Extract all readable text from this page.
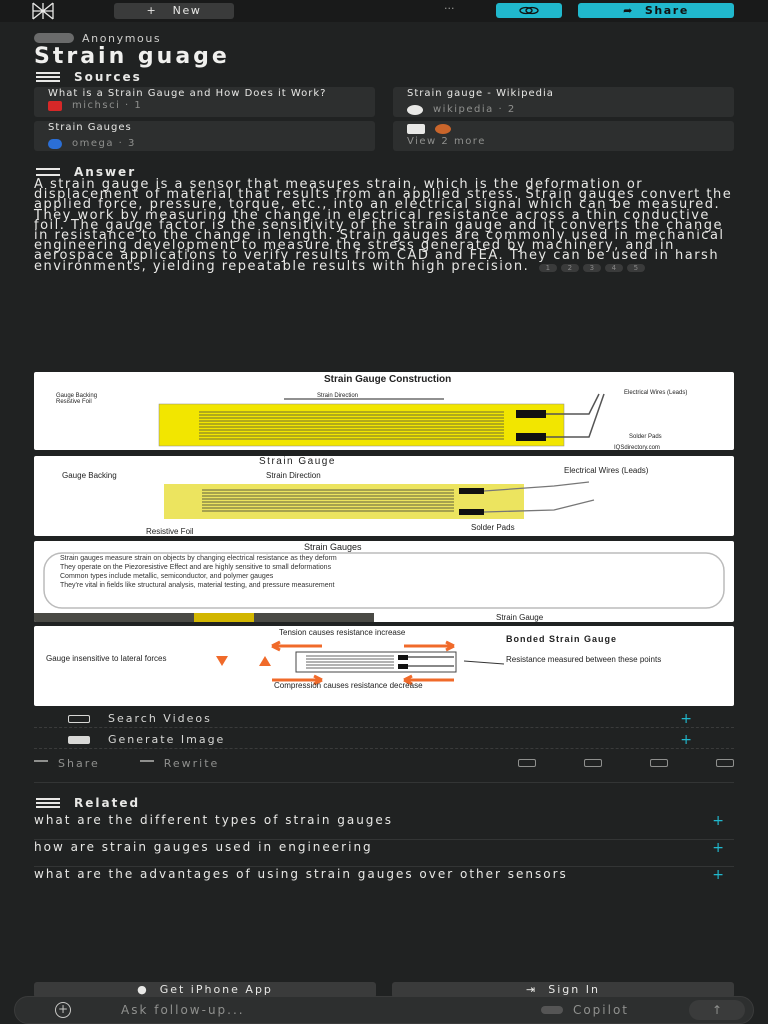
+ New	···	➦ Share
Anonymous
Strain guage
Sources
What is a Strain Gauge and How Does it Work?
michsci · 1
Strain gauge - Wikipedia
wikipedia · 2
Strain Gauges
omega · 3	View 2 more
Answer
A strain gauge is a sensor that measures strain, which is the deformation or displacement of material that results from an applied stress. Strain gauges convert the applied force, pressure, torque, etc., into an electrical signal which can be measured. They work by measuring the change in electrical resistance across a thin conductive foil. The gauge factor is the sensitivity of the strain gauge and it converts the change in resistance to the change in length. Strain gauges are commonly used in mechanical engineering development to measure the stress generated by machinery, and in aerospace applications to verify results from CAD and FEA. They can be used in harsh environments, yielding repeatable results with high precision. 1	2	3	4	5
Strain Gauge Construction
Strain Direction
Gauge Backing
Resistive Foil
Electrical Wires (Leads)
Solder Pads
IQSdirectory.com
Strain Gauge
Gauge Backing	Strain Direction
Electrical Wires (Leads)
Resistive Foil	Solder Pads
Strain Gauges
Strain gauges measure strain on objects by changing electrical resistance as they deform
They operate on the Piezoresistive Effect and are highly sensitive to small deformations
Common types include metallic, semiconductor, and polymer gauges
They're vital in fields like structural analysis, material testing, and pressure measurement
Strain Gauge
Tension causes resistance increase
Bonded Strain Gauge
Gauge insensitive to lateral forces	Resistance measured between these points
Compression causes resistance decrease
Search Videos	+
Generate Image	+
Share	Rewrite
Related
what are the different types of strain gauges	+
how are strain gauges used in engineering	+
what are the advantages of using strain gauges over other sensors	+
● Get iPhone App	⇥ Sign In
+	Ask follow-up...	Copilot	↑
